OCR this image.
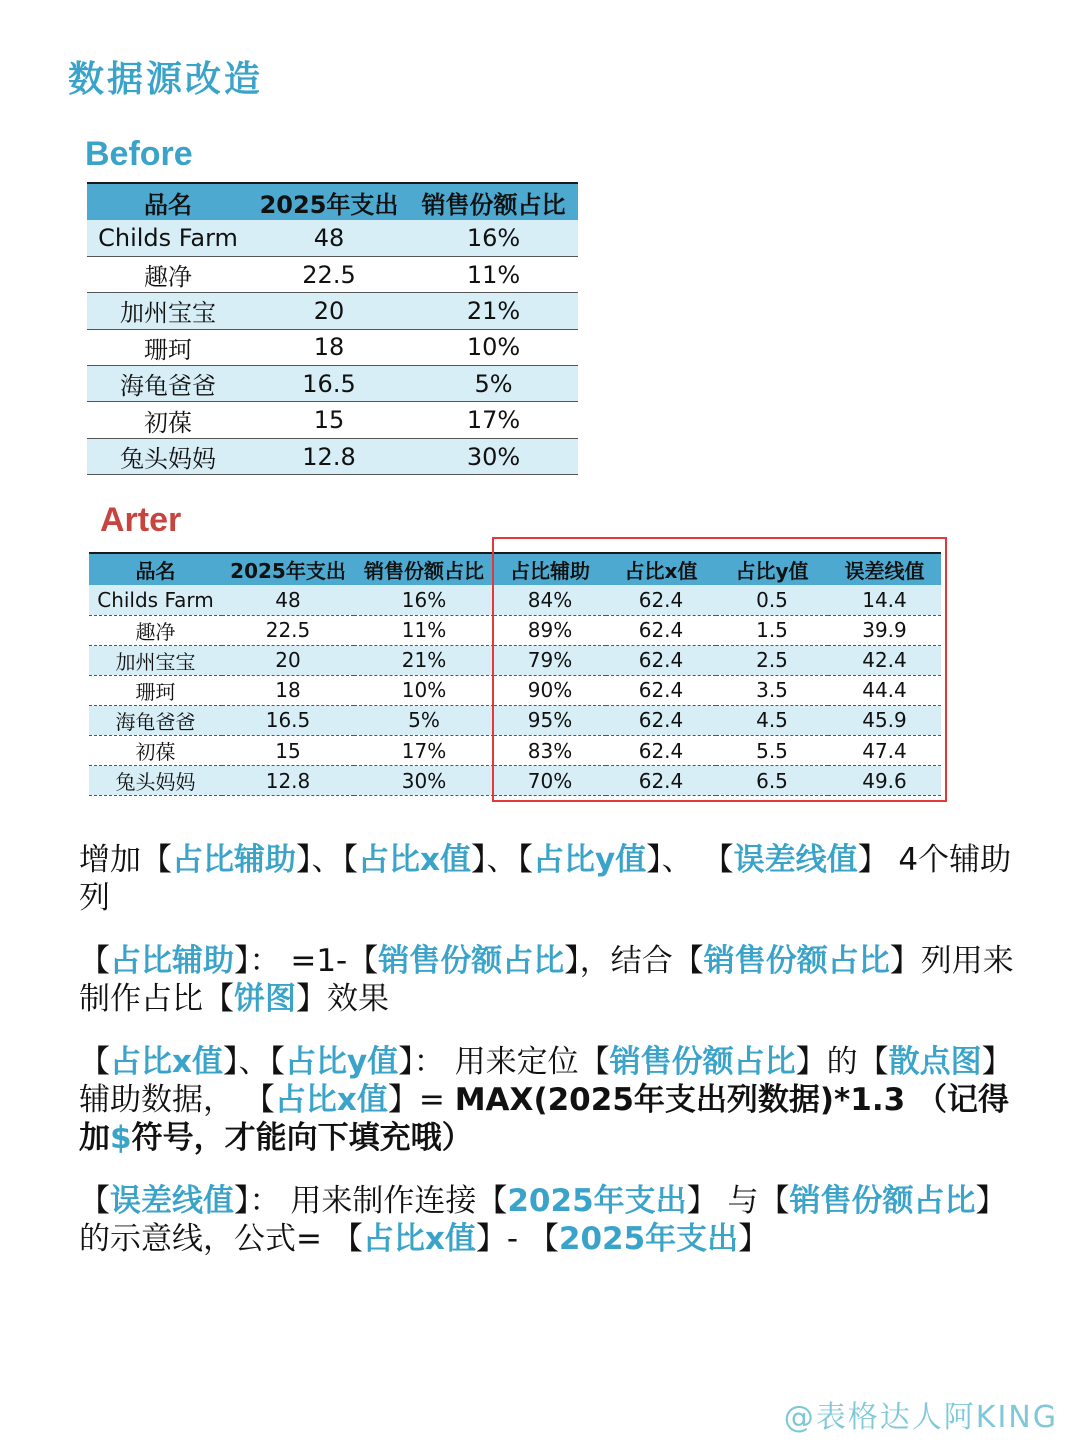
数据源改造
Before
品名	2025年支出	销售份额占比
Childs Farm	48	16%
趣净	22.5	11%
加州宝宝	20	21%
珊珂	18	10%
海龟爸爸	16.5	5%
初葆	15	17%
兔头妈妈	12.8	30%
Arter
品名	2025年支出	销售份额占比	占比辅助	占比x值	占比y值	误差线值
Childs Farm	48	16%	84%	62.4	0.5	14.4
趣净	22.5	11%	89%	62.4	1.5	39.9
加州宝宝	20	21%	79%	62.4	2.5	42.4
珊珂	18	10%	90%	62.4	3.5	44.4
海龟爸爸	16.5	5%	95%	62.4	4.5	45.9
初葆	15	17%	83%	62.4	5.5	47.4
兔头妈妈	12.8	30%	70%	62.4	6.5	49.6

增加【占比辅助】、【占比x值】、【占比y值】、 【误差线值】 4个辅助列

【占比辅助】： =1-【销售份额占比】，结合【销售份额占比】列用来制作占比【饼图】效果

【占比x值】、【占比y值】： 用来定位【销售份额占比】的【散点图】辅助数据， 【占比x值】= MAX(2025年支出列数据)*1.3 （记得加$符号，才能向下填充哦）

【误差线值】： 用来制作连接【2025年支出】 与【销售份额占比】的示意线，公式= 【占比x值】- 【2025年支出】

@表格达人阿KING
